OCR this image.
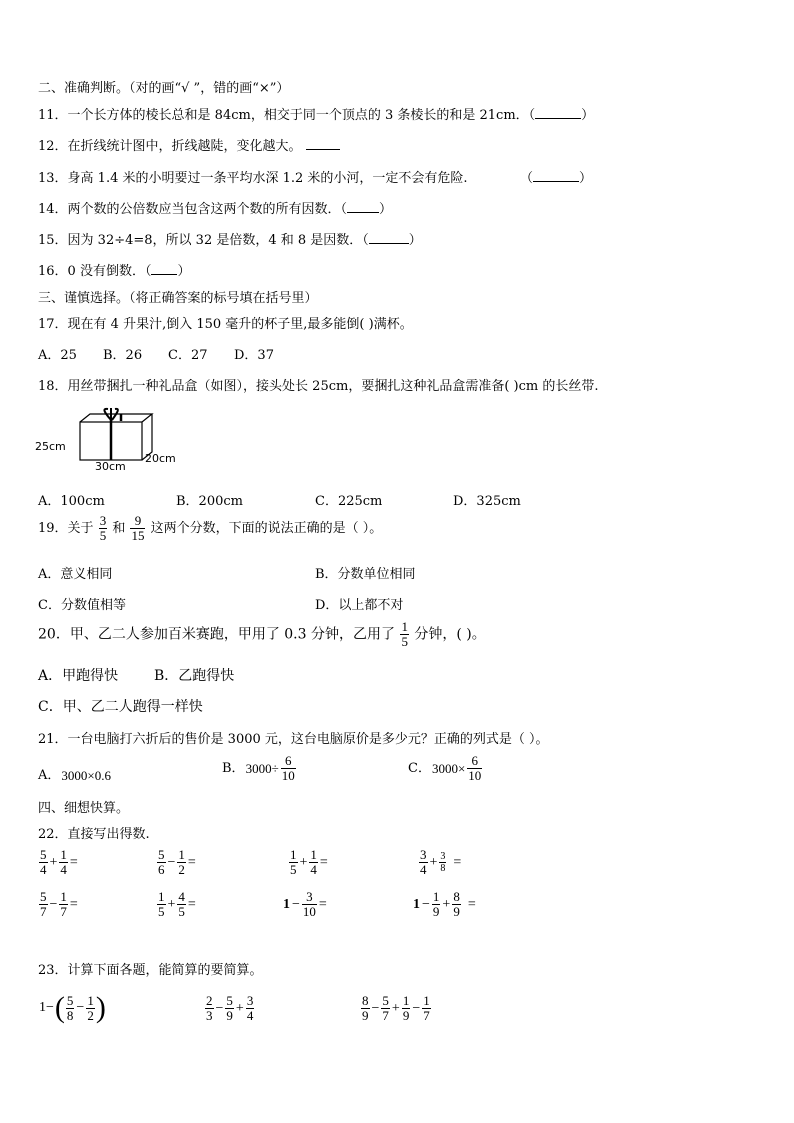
二、准确判断。（对的画“√ ”，错的画“×”）
11．一个长方体的棱长总和是 84cm，相交于同一个顶点的 3 条棱长的和是 21cm．（	）
12．在折线统计图中，折线越陡，变化越大。
13．身高 1.4 米的小明要过一条平均水深 1.2 米的小河，一定不会有危险.	（	）
14．两个数的公倍数应当包含这两个数的所有因数．（ ）
15．因为 32÷4=8，所以 32 是倍数，4 和 8 是因数．（	）
16．0 没有倒数．（ ）
三、谨慎选择。（将正确答案的标号填在括号里）
17．现在有 4 升果汁,倒入 150 毫升的杯子里,最多能倒( )满杯。
A．25 B．26 C．27 D．37
18．用丝带捆扎一种礼品盒（如图），接头处长 25cm，要捆扎这种礼品盒需准备( )cm 的长丝带.
25cm
30cm
20cm
A．100cm	B．200cm	C．225cm	D．325cm
19．关于 $\frac{3}{5}$ 和 $\frac{9}{15}$ 这两个分数，下面的说法正确的是（ ）。
A．意义相同	B．分数单位相同
C．分数值相等	D．以上都不对
20．甲、乙二人参加百米赛跑，甲用了 0.3 分钟，乙用了 $\frac{1}{5}$ 分钟，( )。
A．甲跑得快	B．乙跑得快
C．甲、乙二人跑得一样快
21．一台电脑打六折后的售价是 3000 元，这台电脑原价是多少元？正确的列式是（ ）。
A．3000×0.6	B．$3000\div \frac{6}{10}$	C．$3000\times \frac{6}{10}$
四、细想快算。
22．直接写出得数.
$\frac{5}{4} + \frac{1}{4}$ =	$\frac{5}{6} - \frac{1}{2}$ =	$\frac{1}{5} + \frac{1}{4}$ =	$\frac{3}{4} + \frac{3}{8}$ =
$\frac{5}{7} - \frac{1}{7}$ =	$\frac{1}{5} + \frac{4}{5}$ =	$1 - \frac{3}{10}$ =	$1 - \frac{1}{9} + \frac{8}{9}$ =
23．计算下面各题，能简算的要简算。
$1-( \frac{5}{8} - \frac{1}{2}$ )	$\frac{2}{3} - \frac{5}{9} + \frac{3}{4}$	$\frac{8}{9} - \frac{5}{7} + \frac{1}{9} - \frac{1}{7}$
